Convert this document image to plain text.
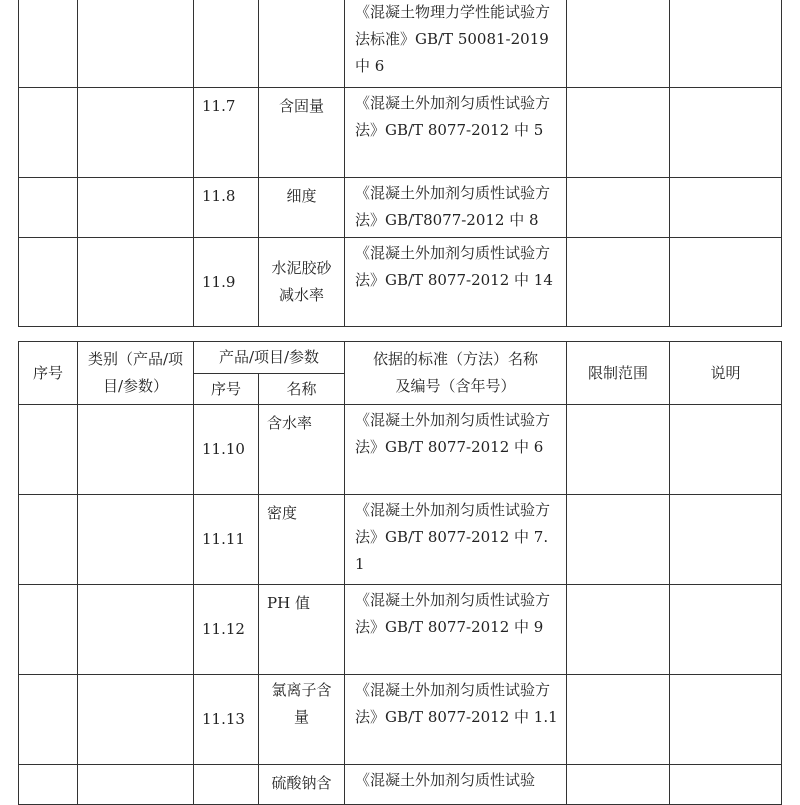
				《混凝土物理力学性能试验方法标准》GB/T 50081-2019 中 6		
		11.7	含固量	《混凝土外加剂匀质性试验方法》GB/T 8077-2012 中 5		
		11.8	细度	《混凝土外加剂匀质性试验方法》GB/T8077-2012 中 8		
		11.9	水泥胶砂减水率	《混凝土外加剂匀质性试验方法》GB/T 8077-2012 中 14		
序号	类别（产品/项目/参数）	产品/项目/参数		依据的标准（方法）名称及编号（含年号）	限制范围	说明
		序号	名称			
		11.10	含水率	《混凝土外加剂匀质性试验方法》GB/T 8077-2012 中 6		
		11.11	密度	《混凝土外加剂匀质性试验方法》GB/T 8077-2012 中 7. 1		
		11.12	PH 值	《混凝土外加剂匀质性试验方法》GB/T 8077-2012 中 9		
		11.13	氯离子含量	《混凝土外加剂匀质性试验方法》GB/T 8077-2012 中 1.1		
			硫酸钠含	《混凝土外加剂匀质性试验		
